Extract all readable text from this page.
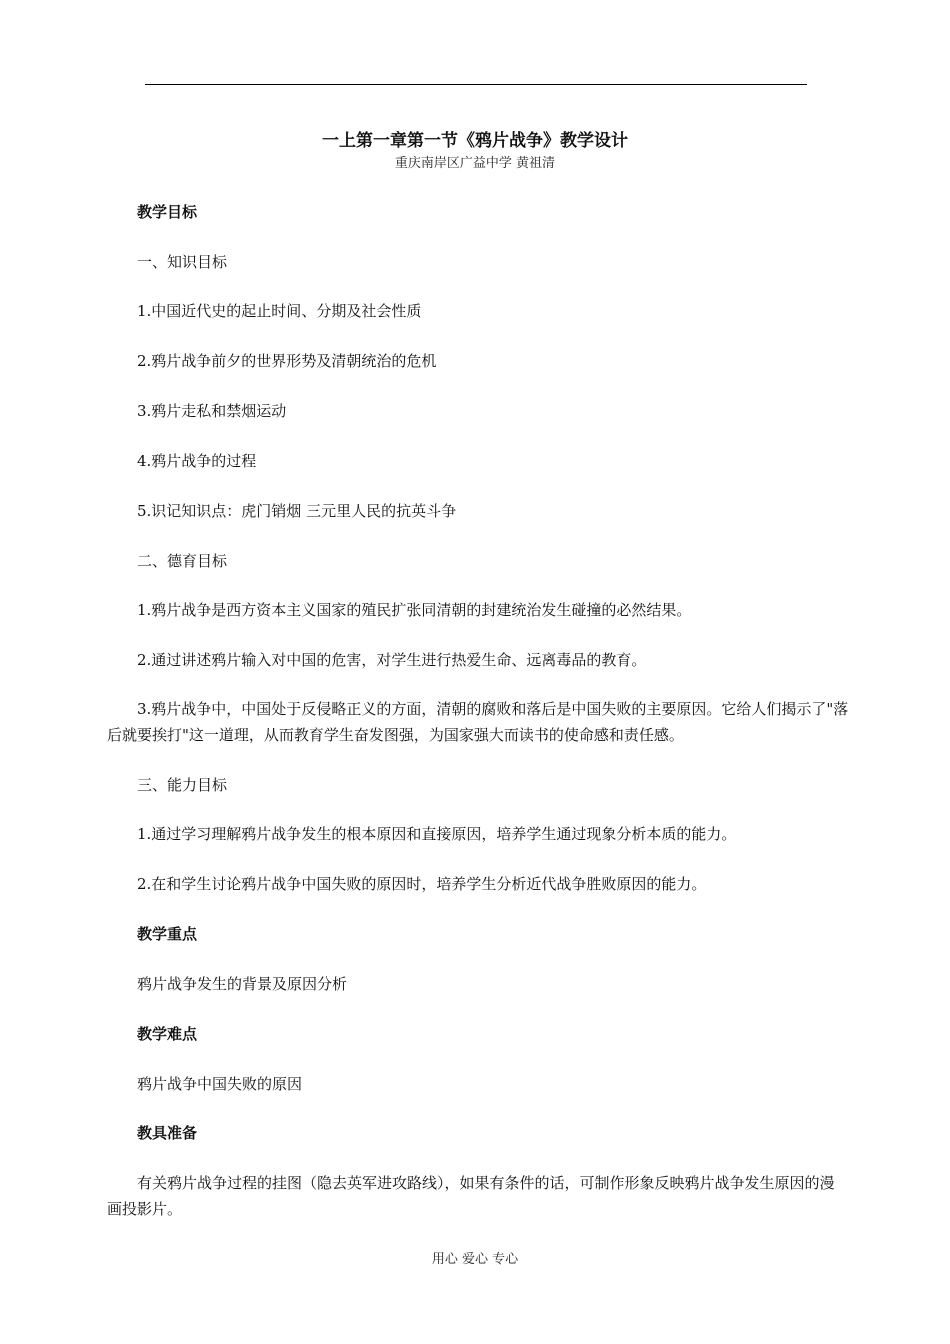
一上第一章第一节《鸦片战争》教学设计
重庆南岸区广益中学 黄祖清
教学目标
一、知识目标
1.中国近代史的起止时间、分期及社会性质
2.鸦片战争前夕的世界形势及清朝统治的危机
3.鸦片走私和禁烟运动
4.鸦片战争的过程
5.识记知识点：虎门销烟 三元里人民的抗英斗争
二、德育目标
1.鸦片战争是西方资本主义国家的殖民扩张同清朝的封建统治发生碰撞的必然结果。
2.通过讲述鸦片输入对中国的危害，对学生进行热爱生命、远离毒品的教育。
3.鸦片战争中，中国处于反侵略正义的方面，清朝的腐败和落后是中国失败的主要原因。它给人们揭示了"落后就要挨打"这一道理，从而教育学生奋发图强，为国家强大而读书的使命感和责任感。
三、能力目标
1.通过学习理解鸦片战争发生的根本原因和直接原因，培养学生通过现象分析本质的能力。
2.在和学生讨论鸦片战争中国失败的原因时，培养学生分析近代战争胜败原因的能力。
教学重点
鸦片战争发生的背景及原因分析
教学难点
鸦片战争中国失败的原因
教具准备
有关鸦片战争过程的挂图（隐去英军进攻路线），如果有条件的话，可制作形象反映鸦片战争发生原因的漫画投影片。
用心 爱心 专心
